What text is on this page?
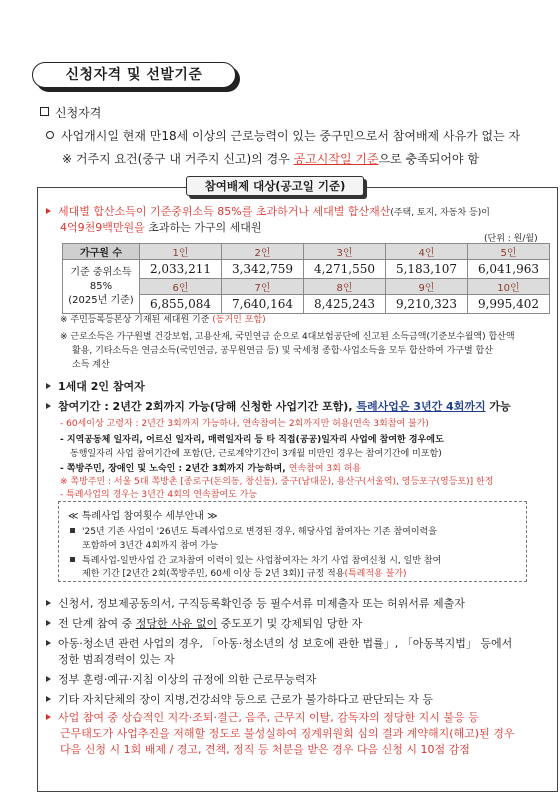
신청자격 및 선발기준
신청자격
사업개시일 현재 만18세 이상의 근로능력이 있는 중구민으로서 참여배제 사유가 없는 자
※ 거주지 요건(중구 내 거주지 신고)의 경우 공고시작일 기준으로 충족되어야 함
참여배제 대상(공고일 기준)
세대별 합산소득이 기준중위소득 85%를 초과하거나 세대별 합산재산(주택, 토지, 자동차 등)이
4억9천9백만원을 초과하는 가구의 세대원
(단위 : 원/월)
가구원 수	1인	2인	3인	4인	5인

기준 중위소득
85%
(2025년 기준)	2,033,211	3,342,759	4,271,550	5,183,107	6,041,963
	6인	7인	8인	9인	10인
	6,855,084	7,640,164	8,425,243	9,210,323	9,995,402
※ 주민등록등본상 기재된 세대원 기준 (동거인 포함)
※ 근로소득은 가구원별 건강보험, 고용산재, 국민연금 순으로 4대보험공단에 신고된 소득금액(기준보수월액) 합산액
활용, 기타소득은 연금소득(국민연금, 공무원연금 등) 및 국세청 종합·사업소득을 모두 합산하여 가구별 합산
소득 계산
1세대 2인 참여자
참여기간 : 2년간 2회까지 가능(당해 신청한 사업기간 포함), 특례사업은 3년간 4회까지 가능
- 60세이상 고령자 : 2년간 3회까지 가능하나, 연속참여는 2회까지만 허용(연속 3회참여 불가)
- 지역공동체 일자리, 어르신 일자리, 매력일자리 등 타 직접(공공)일자리 사업에 참여한 경우에도
동행일자리 사업 참여기간에 포함(단, 근로계약기간이 3개월 미만인 경우는 참여기간에 미포함)
- 쪽방주민, 장애인 및 노숙인 : 2년간 3회까지 가능하며, 연속참여 3회 허용
※ 쪽방주민 : 서울 5대 쪽방촌 [종로구(돈의동, 창신동), 중구(남대문), 용산구(서울역), 영등포구(영등포)] 한정
≪ 특례사업 참여횟수 세부안내 ≫
'25년 기존 사업이 '26년도 특례사업으로 변경된 경우, 해당사업 참여자는 기존 참여이력을
포함하여 3년간 4회까지 참여 가능
특례사업-일반사업 간 교차참여 이력이 있는 사업참여자는 차기 사업 참여신청 시, 일반 참여
제한 기간 [2년간 2회(쪽방주민, 60세 이상 등 2년 3회)] 규정 적용(특례적용 불가)
신청서, 정보제공동의서, 구직등록확인증 등 필수서류 미제출자 또는 허위서류 제출자
전 단계 참여 중 정당한 사유 없이 중도포기 및 강제퇴임 당한 자
아동·청소년 관련 사업의 경우, 「아동·청소년의 성 보호에 관한 법률」, 「아동복지법」 등에서
정한 범죄경력이 있는 자
정부 훈령·예규·지침 이상의 규정에 의한 근로무능력자
기타 자치단체의 장이 지병,건강쇠약 등으로 근로가 불가하다고 판단되는 자 등
사업 참여 중 상습적인 지각·조퇴·결근, 음주, 근무지 이탈, 감독자의 정당한 지시 불응 등
근무태도가 사업추진을 저해할 정도로 불성실하여 징계위원회 심의 결과 계약해지(해고)된 경우
다음 신청 시 1회 배제 / 경고, 견책, 정직 등 처분을 받은 경우 다음 신청 시 10점 감점
- 특례사업의 경우는 3년간 4회의 연속참여도 가능
